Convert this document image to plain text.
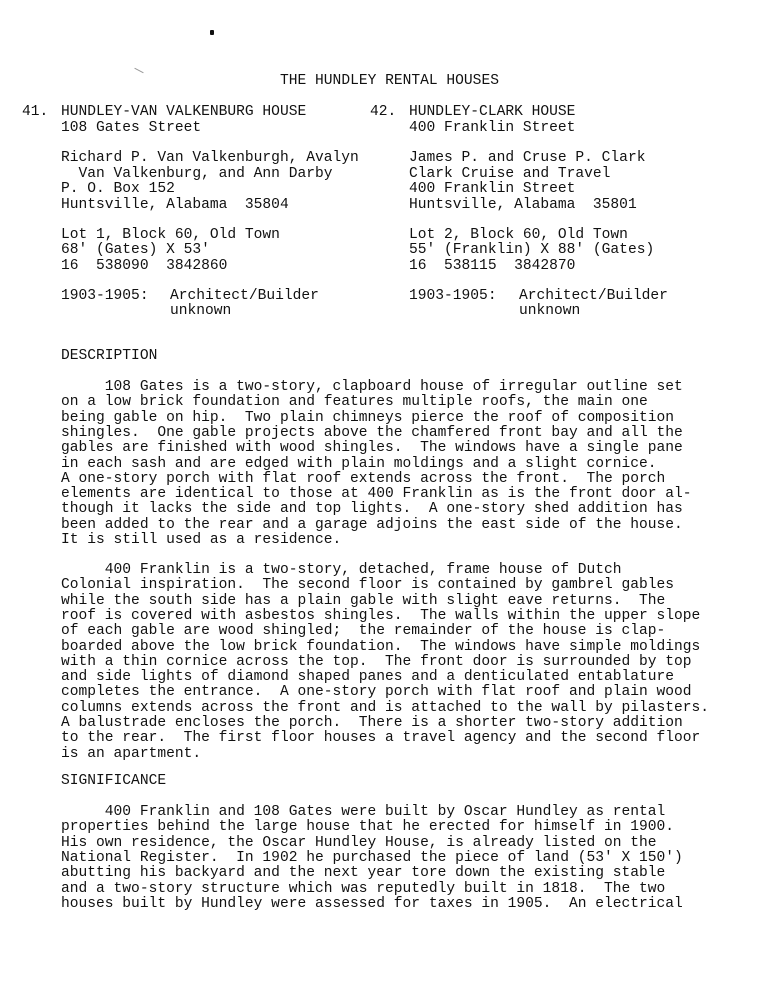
THE HUNDLEY RENTAL HOUSES
41. HUNDLEY-VAN VALKENBURG HOUSE
108 Gates Street
Richard P. Van Valkenburgh, Avalyn
Van Valkenburg, and Ann Darby
P. O. Box 152
Huntsville, Alabama  35804
Lot 1, Block 60, Old Town
68' (Gates) X 53'
16  538090  3842860
1903-1905: Architect/Builder
unknown
42. HUNDLEY-CLARK HOUSE
400 Franklin Street
James P. and Cruse P. Clark
Clark Cruise and Travel
400 Franklin Street
Huntsville, Alabama  35801
Lot 2, Block 60, Old Town
55' (Franklin) X 88' (Gates)
16  538115  3842870
1903-1905: Architect/Builder
unknown
DESCRIPTION
108 Gates is a two-story, clapboard house of irregular outline set
on a low brick foundation and features multiple roofs, the main one
being gable on hip.  Two plain chimneys pierce the roof of composition
shingles.  One gable projects above the chamfered front bay and all the
gables are finished with wood shingles.  The windows have a single pane
in each sash and are edged with plain moldings and a slight cornice.
A one-story porch with flat roof extends across the front.  The porch
elements are identical to those at 400 Franklin as is the front door al-
though it lacks the side and top lights.  A one-story shed addition has
been added to the rear and a garage adjoins the east side of the house.
It is still used as a residence.
400 Franklin is a two-story, detached, frame house of Dutch
Colonial inspiration.  The second floor is contained by gambrel gables
while the south side has a plain gable with slight eave returns.  The
roof is covered with asbestos shingles.  The walls within the upper slope
of each gable are wood shingled;  the remainder of the house is clap-
boarded above the low brick foundation.  The windows have simple moldings
with a thin cornice across the top.  The front door is surrounded by top
and side lights of diamond shaped panes and a denticulated entablature
completes the entrance.  A one-story porch with flat roof and plain wood
columns extends across the front and is attached to the wall by pilasters.
A balustrade encloses the porch.  There is a shorter two-story addition
to the rear.  The first floor houses a travel agency and the second floor
is an apartment.
SIGNIFICANCE
400 Franklin and 108 Gates were built by Oscar Hundley as rental
properties behind the large house that he erected for himself in 1900.
His own residence, the Oscar Hundley House, is already listed on the
National Register.  In 1902 he purchased the piece of land (53' X 150')
abutting his backyard and the next year tore down the existing stable
and a two-story structure which was reputedly built in 1818.  The two
houses built by Hundley were assessed for taxes in 1905.  An electrical
